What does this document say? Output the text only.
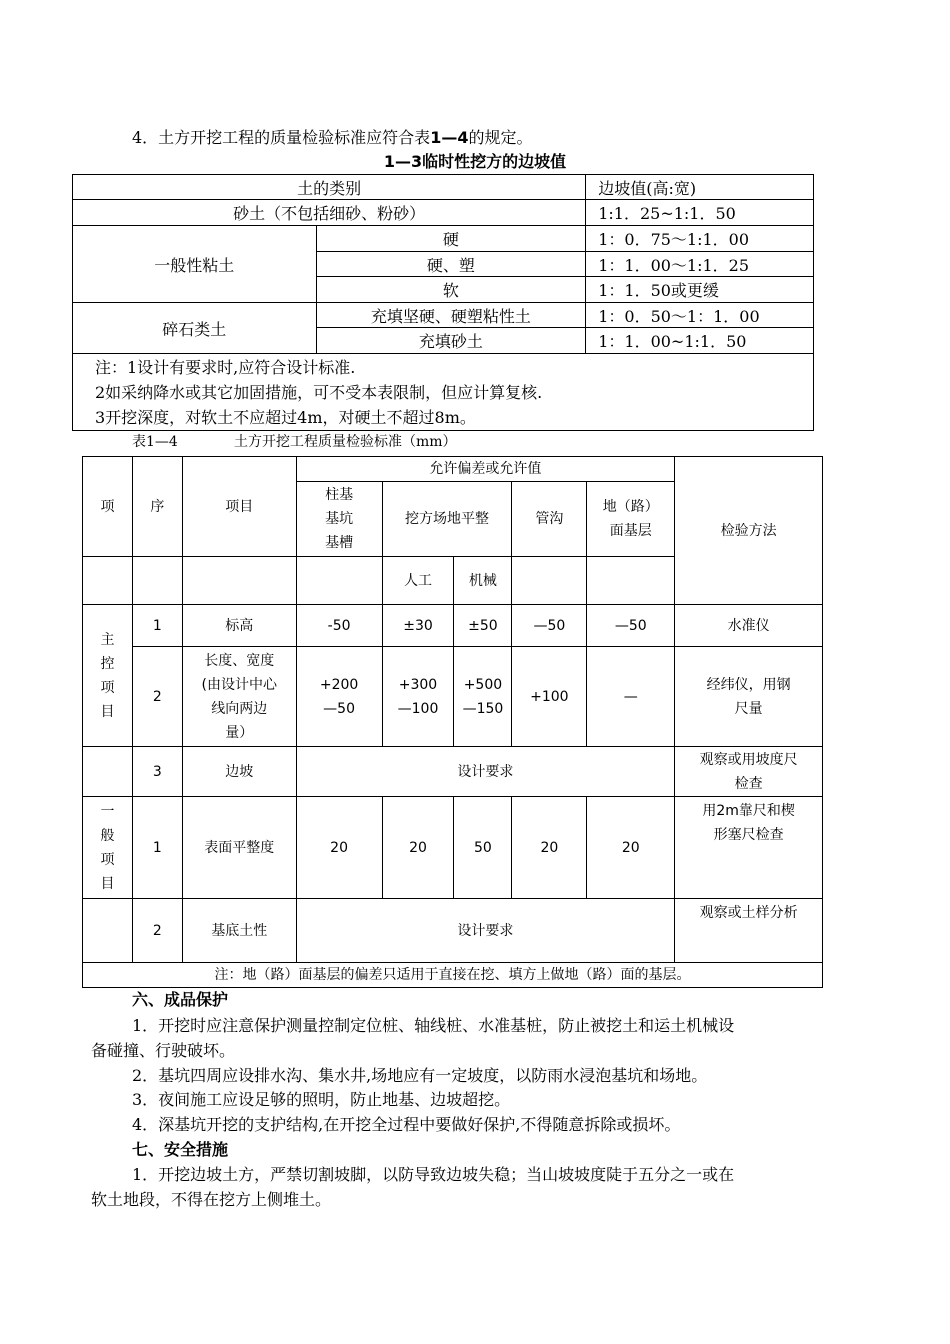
4．土方开挖工程的质量检验标准应符合表1—4的规定。
1—3临时性挖方的边坡值
土的类别		边坡值(高:宽)
砂土（不包括细砂、粉砂）		1:1．25~1:1．50
一般性粘土	硬	1：0．75～1:1．00
	硬、塑	1：1．00～1:1．25
	软	1：1．50或更缓
碎石类土	充填坚硬、硬塑粘性土	1：0．50～1：1．00
	充填砂土	1：1．00~1:1．50

注：1设计有要求时,应符合设计标准.
2如采纳降水或其它加固措施，可不受本表限制，但应计算复核.
3开挖深度，对软土不应超过4m，对硬土不超过8m。		
表1—4	土方开挖工程质量检验标准（mm）
项	序	项目	允许偏差或允许值					检验方法
			柱基
基坑
基槽	挖方场地平整		管沟	地（路）
面基层	
				人工	机械			
主
控
项
目	1	标高	-50	±30	±50	—50	—50	水准仪
	2	长度、宽度
(由设计中心
线向两边
量）	+200
—50	+300
—100	+500
—150	+100	—	经纬仪，用钢
尺量
	3	边坡	设计要求					观察或用坡度尺
检查
一
般
项
目	1	表面平整度	20	20	50	20	20	用2m靠尺和楔
形塞尺检查
	2	基底土性	设计要求					观察或土样分析
注：地（路）面基层的偏差只适用于直接在挖、填方上做地（路）面的基层。								
六、成品保护
1．开挖时应注意保护测量控制定位桩、轴线桩、水准基桩，防止被挖土和运土机械设
备碰撞、行驶破坏。
2．基坑四周应设排水沟、集水井,场地应有一定坡度，以防雨水浸泡基坑和场地。
3．夜间施工应设足够的照明，防止地基、边坡超挖。
4．深基坑开挖的支护结构,在开挖全过程中要做好保护,不得随意拆除或损坏。
七、安全措施
1．开挖边坡土方，严禁切割坡脚，以防导致边坡失稳；当山坡坡度陡于五分之一或在
软土地段，不得在挖方上侧堆土。
